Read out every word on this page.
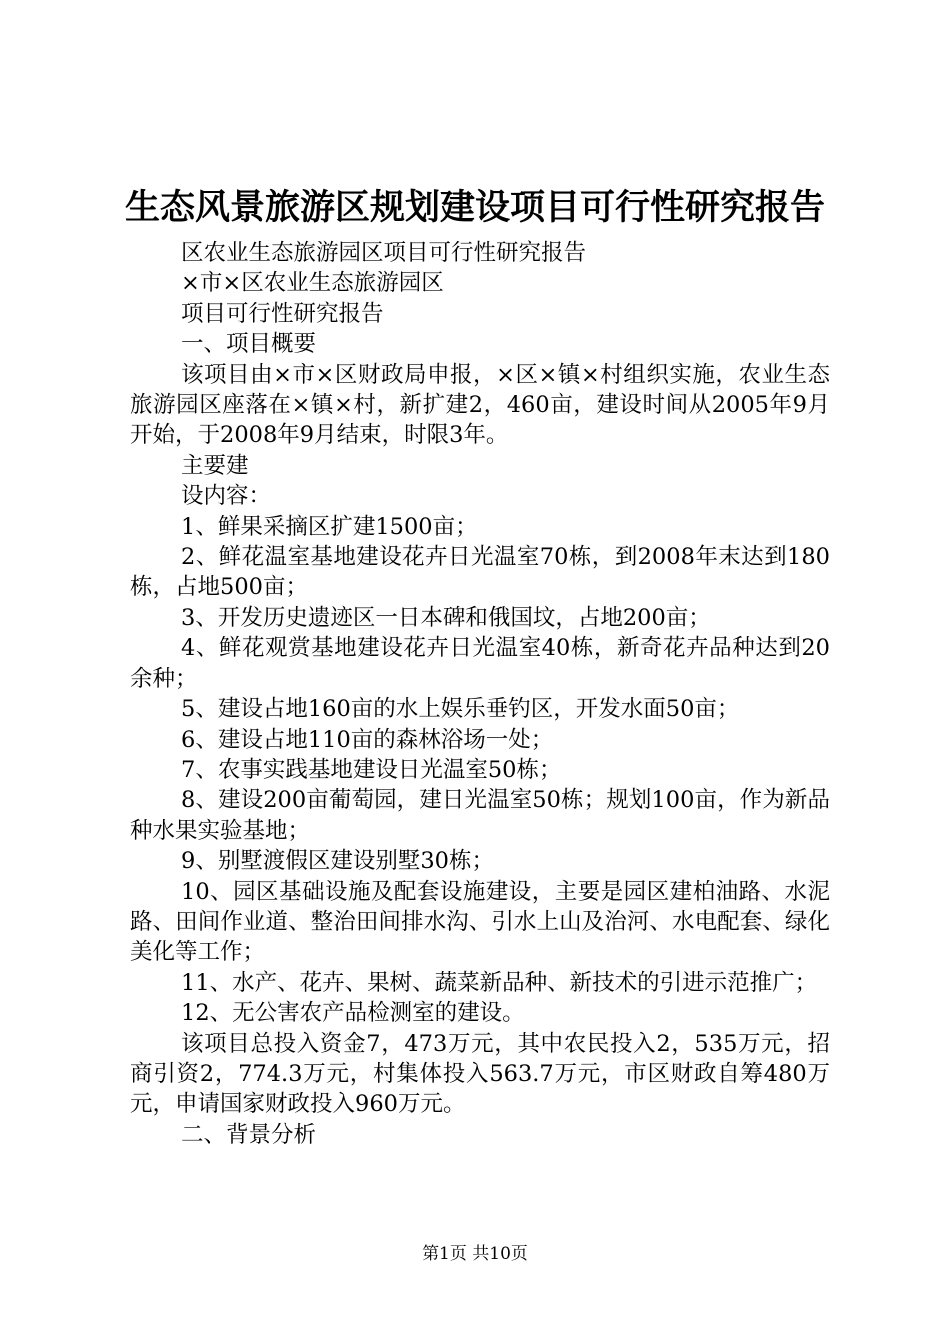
生态风景旅游区规划建设项目可行性研究报告

区农业生态旅游园区项目可行性研究报告

×市×区农业生态旅游园区

项目可行性研究报告

一、项目概要

该项目由×市×区财政局申报，×区×镇×村组织实施，农业生态旅游园区座落在×镇×村，新扩建2，460亩，建设时间从2005年9月开始，于2008年9月结束，时限3年。

主要建

设内容：

1、鲜果采摘区扩建1500亩；

2、鲜花温室基地建设花卉日光温室70栋，到2008年末达到180栋，占地500亩；

3、开发历史遗迹区一日本碑和俄国坟，占地200亩；

4、鲜花观赏基地建设花卉日光温室40栋，新奇花卉品种达到20余种；

5、建设占地160亩的水上娱乐垂钓区，开发水面50亩；

6、建设占地110亩的森林浴场一处；

7、农事实践基地建设日光温室50栋；

8、建设200亩葡萄园，建日光温室50栋；规划100亩，作为新品种水果实验基地；

9、别墅渡假区建设别墅30栋；

10、园区基础设施及配套设施建设，主要是园区建柏油路、水泥路、田间作业道、整治田间排水沟、引水上山及治河、水电配套、绿化美化等工作；

11、水产、花卉、果树、蔬菜新品种、新技术的引进示范推广；

12、无公害农产品检测室的建设。

该项目总投入资金7，473万元，其中农民投入2，535万元，招商引资2，774.3万元，村集体投入563.7万元，市区财政自筹480万元，申请国家财政投入960万元。

二、背景分析

第1页 共10页
